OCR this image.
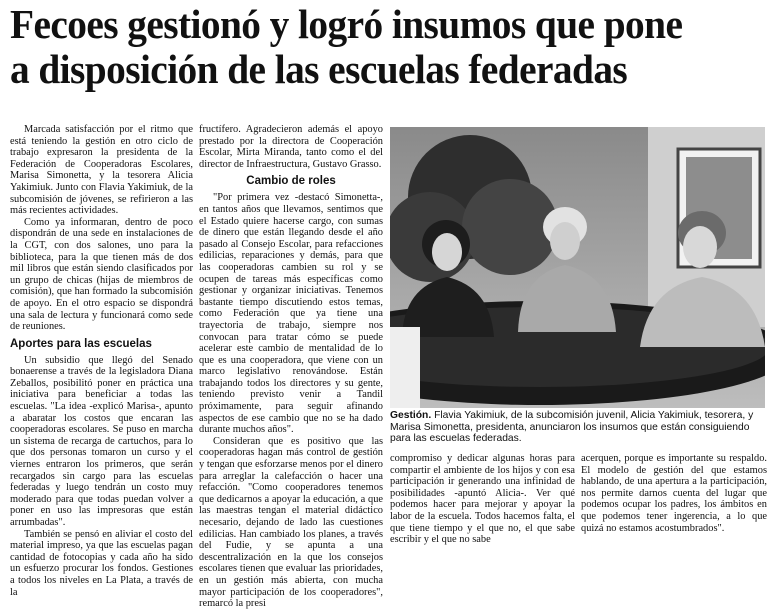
Fecoes gestionó y logró insumos que pone
a disposición de las escuelas federadas

Marcada satisfacción por el ritmo que está teniendo la gestión en otro ciclo de trabajo expresaron la presidenta de la Federación de Cooperadoras Escolares, Marisa Simonetta, y la tesorera Alicia Yakimiuk. Junto con Flavia Yakimiuk, de la subcomisión de jóvenes, se refirieron a las más recientes actividades.

Como ya informaran, dentro de poco dispondrán de una sede en instalaciones de la CGT, con dos salones, uno para la biblioteca, para la que tienen más de dos mil libros que están siendo clasificados por un grupo de chicas (hijas de miembros de comisión), que han formado la subcomisión de apoyo. En el otro espacio se dispondrá una sala de lectura y funcionará como sede de reuniones.

Aportes para las escuelas

Un subsidio que llegó del Senado bonaerense a través de la legisladora Diana Zeballos, posibilitó poner en práctica una iniciativa para beneficiar a todas las escuelas. "La idea -explicó Marisa-, apunto a abaratar los costos que encaran las cooperadoras escolares. Se puso en marcha un sistema de recarga de cartuchos, para lo que dos personas tomaron un curso y el viernes entraron los primeros, que serán recargados sin cargo para las escuelas federadas y luego tendrán un costo muy moderado para que todas puedan volver a poner en uso las impresoras que están arrumbadas".

También se pensó en aliviar el costo del material impreso, ya que las escuelas pagan cantidad de fotocopias y cada año ha sido un esfuerzo procurar los fondos. Gestiones a todos los niveles en La Plata, a través de la

fructífero. Agradecieron además el apoyo prestado por la directora de Cooperación Escolar, Mirta Miranda, tanto como el del director de Infraestructura, Gustavo Grasso.

Cambio de roles

"Por primera vez -destacó Simonetta-, en tantos años que llevamos, sentimos que el Estado quiere hacerse cargo, con sumas de dinero que están llegando desde el año pasado al Consejo Escolar, para refacciones edilicias, reparaciones y demás, para que las cooperadoras cambien su rol y se ocupen de tareas más específicas como gestionar y organizar iniciativas. Tenemos bastante tiempo discutiendo estos temas, como Federación que ya tiene una trayectoria de trabajo, siempre nos convocan para tratar cómo se puede acelerar este cambio de mentalidad de lo que es una cooperadora, que viene con un marco legislativo renovándose. Están trabajando todos los directores y su gente, teniendo previsto venir a Tandil próximamente, para seguir afinando aspectos de ese cambio que no se ha dado durante muchos años".

Consideran que es positivo que las cooperadoras hagan más control de gestión y tengan que esforzarse menos por el dinero para arreglar la calefacción o hacer una refacción. "Como cooperadores tenemos que dedicarnos a apoyar la educación, a que las maestras tengan el material didáctico necesario, dejando de lado las cuestiones edilicias. Han cambiado los planes, a través del Fudie, y se apunta a una descentralización en la que los consejos escolares tienen que evaluar las prioridades, en un gestión más abierta, con mucha mayor participación de los cooperadores", remarcó la presi

Gestión. Flavia Yakimiuk, de la subcomisión juvenil, Alicia Yakimiuk, tesorera, y Marisa Simonetta, presidenta, anunciaron los insumos que están consiguiendo para las escuelas federadas.

compromiso y dedicar algunas horas para compartir el ambiente de los hijos y con esa participación ir generando una infinidad de posibilidades -apuntó Alicia-. Ver qué podemos hacer para mejorar y apoyar la labor de la escuela. Todos hacemos falta, el que tiene tiempo y el que no, el que sabe escribir y el que no sabe

acerquen, porque es importante su respaldo. El modelo de gestión del que estamos hablando, de una apertura a la participación, nos permite darnos cuenta del lugar que podemos ocupar los padres, los ámbitos en que podemos tener ingerencia, a lo que quizá no estamos acostumbrados".
